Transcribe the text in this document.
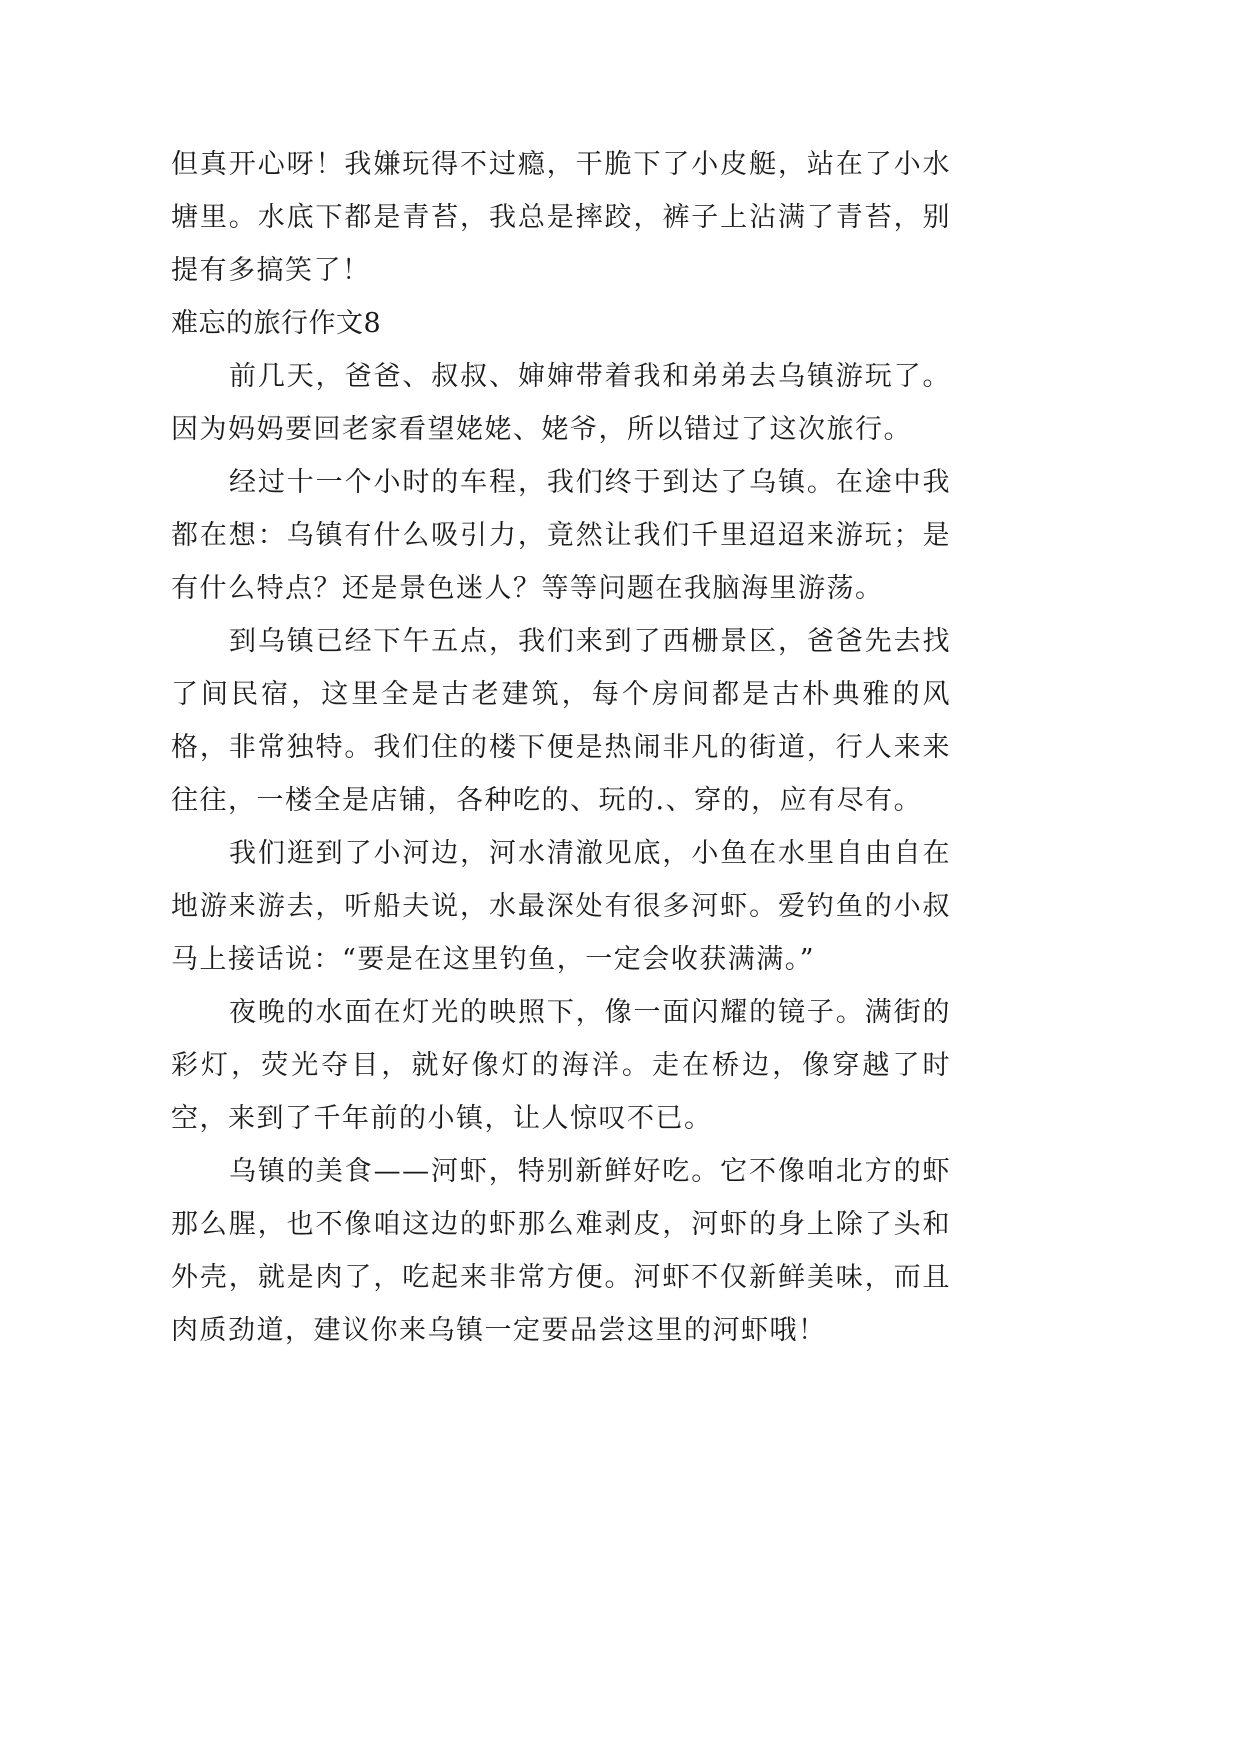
但真开心呀！我嫌玩得不过瘾，干脆下了小皮艇，站在了小水塘里。水底下都是青苔，我总是摔跤，裤子上沾满了青苔，别提有多搞笑了！

难忘的旅行作文8

前几天，爸爸、叔叔、婶婶带着我和弟弟去乌镇游玩了。因为妈妈要回老家看望姥姥、姥爷，所以错过了这次旅行。

经过十一个小时的车程，我们终于到达了乌镇。在途中我都在想：乌镇有什么吸引力，竟然让我们千里迢迢来游玩；是有什么特点？还是景色迷人？等等问题在我脑海里游荡。

到乌镇已经下午五点，我们来到了西栅景区，爸爸先去找了间民宿，这里全是古老建筑，每个房间都是古朴典雅的风格，非常独特。我们住的楼下便是热闹非凡的街道，行人来来往往，一楼全是店铺，各种吃的、玩的.、穿的，应有尽有。

我们逛到了小河边，河水清澈见底，小鱼在水里自由自在地游来游去，听船夫说，水最深处有很多河虾。爱钓鱼的小叔马上接话说：“要是在这里钓鱼，一定会收获满满。”

夜晚的水面在灯光的映照下，像一面闪耀的镜子。满街的彩灯，荧光夺目，就好像灯的海洋。走在桥边，像穿越了时空，来到了千年前的小镇，让人惊叹不已。

乌镇的美食——河虾，特别新鲜好吃。它不像咱北方的虾那么腥，也不像咱这边的虾那么难剥皮，河虾的身上除了头和外壳，就是肉了，吃起来非常方便。河虾不仅新鲜美味，而且肉质劲道，建议你来乌镇一定要品尝这里的河虾哦！
